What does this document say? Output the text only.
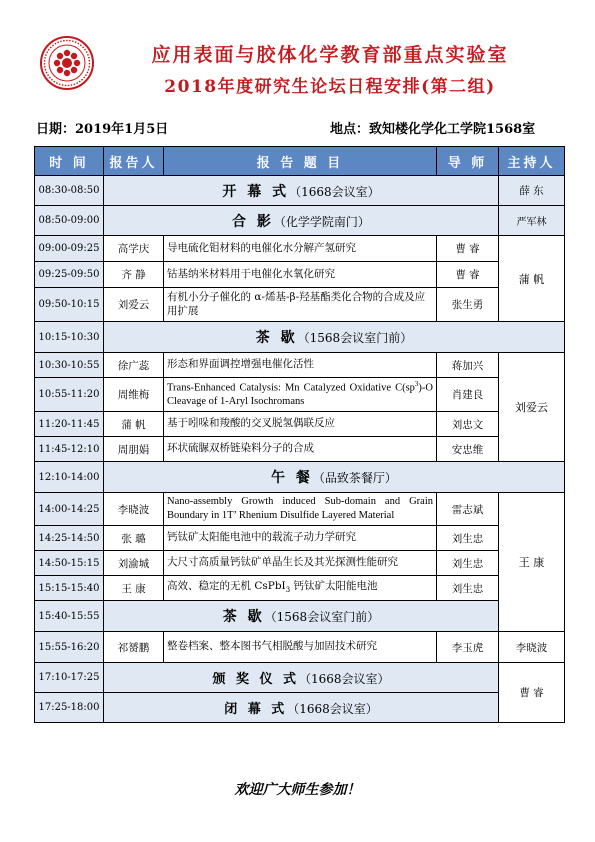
应用表面与胶体化学教育部重点实验室
2018年度研究生论坛日程安排(第二组)
日期：2019年1月5日	地点：致知楼化学化工学院1568室
时 间	报告人	报 告 题 目	导 师	主持人
08:30-08:50	开 幕 式（1668会议室）			薛 东
08:50-09:00	合 影（化学学院南门）			严军林
09:00-09:25	高学庆	导电硫化钼材料的电催化水分解产氢研究	曹 睿	蒲 帆
09:25-09:50	齐 静	钴基纳米材料用于电催化水氧化研究	曹 睿	
09:50-10:15	刘爱云	有机小分子催化的 α-烯基-β-羟基酯类化合物的合成及应用扩展	张生勇	
10:15-10:30	茶 歇（1568会议室门前）			
10:30-10:55	徐广蕊	形态和界面调控增强电催化活性	蒋加兴	刘爱云
10:55-11:20	周维梅	Trans-Enhanced Catalysis: Mn Catalyzed Oxidative $C(sp^3)-O$ Cleavage of 1-Aryl Isochromans	肖建良	
11:20-11:45	蒲 帆	基于吲哚和羧酸的交叉脱氢偶联反应	刘忠文	
11:45-12:10	周朋娟	环状硫脲双桥链染料分子的合成	安忠维	
12:10-14:00	午 餐（品致茶餐厅）			
14:00-14:25	李晓波	Nano-assembly Growth induced Sub-domain and Grain Boundary in 1T’ Rhenium Disulfide Layered Material	雷志斌	王 康
14:25-14:50	张 璐	钙钛矿太阳能电池中的载流子动力学研究	刘生忠	
14:50-15:15	刘渝城	大尺寸高质量钙钛矿单晶生长及其光探测性能研究	刘生忠	
15:15-15:40	王 康	高效、稳定的无机 CsPbI$_3$ 钙钛矿太阳能电池	刘生忠	
15:40-15:55	茶 歇（1568会议室门前）			
15:55-16:20	祁赟鹏	整卷档案、整本图书气相脱酸与加固技术研究	李玉虎	李晓波
17:10-17:25	颁 奖 仪 式（1668会议室）			曹 睿
17:25-18:00	闭 幕 式（1668会议室）			
欢迎广大师生参加！
